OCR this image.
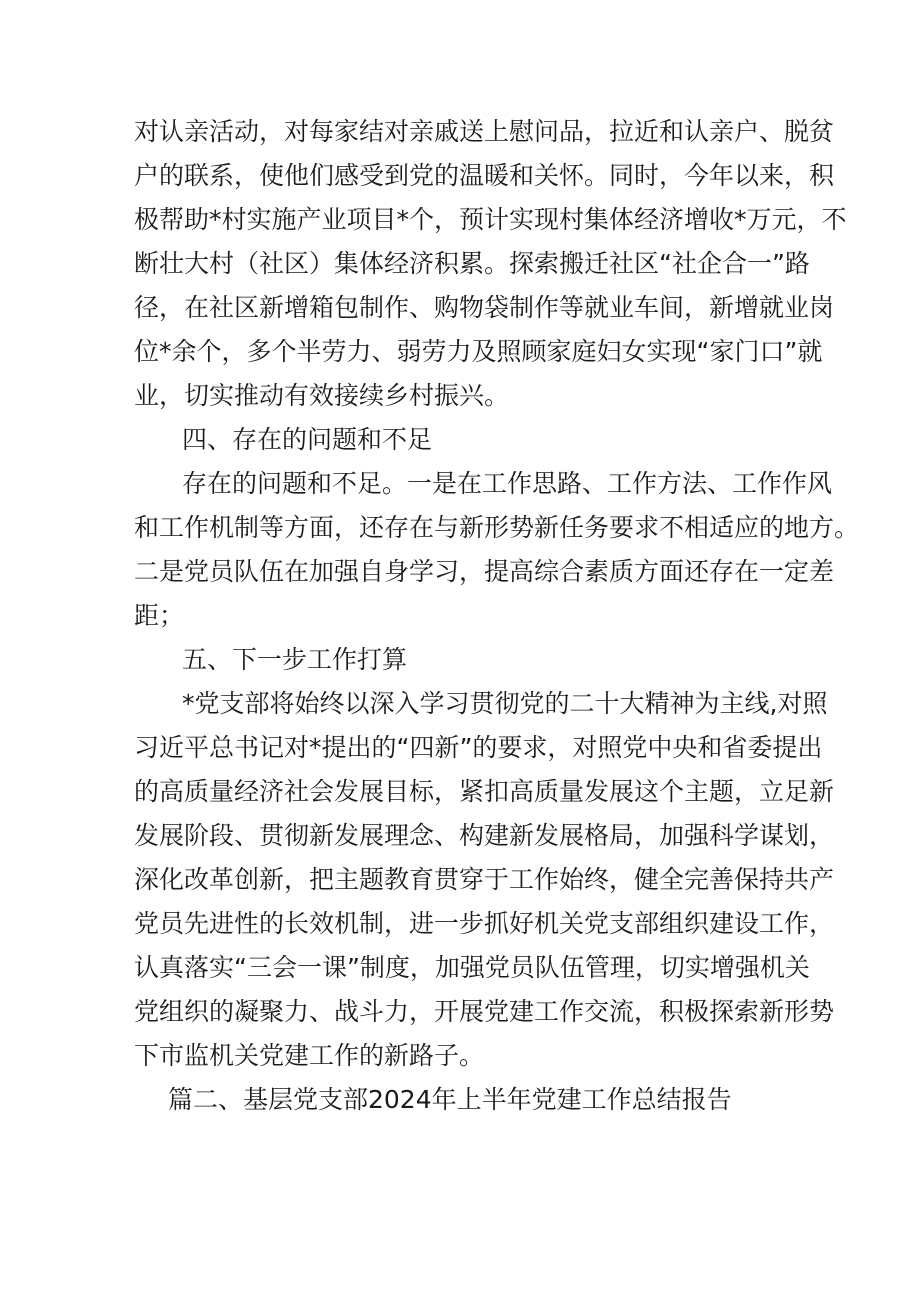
对认亲活动，对每家结对亲戚送上慰问品，拉近和认亲户、脱贫
户的联系，使他们感受到党的温暖和关怀。同时，今年以来，积
极帮助*村实施产业项目*个，预计实现村集体经济增收*万元，不
断壮大村（社区）集体经济积累。探索搬迁社区“社企合一”路
径，在社区新增箱包制作、购物袋制作等就业车间，新增就业岗
位*余个，多个半劳力、弱劳力及照顾家庭妇女实现“家门口”就
业，切实推动有效接续乡村振兴。
四、存在的问题和不足
存在的问题和不足。一是在工作思路、工作方法、工作作风
和工作机制等方面，还存在与新形势新任务要求不相适应的地方。
二是党员队伍在加强自身学习，提高综合素质方面还存在一定差
距；
五、下一步工作打算
*党支部将始终以深入学习贯彻党的二十大精神为主线,对照
习近平总书记对*提出的“四新”的要求，对照党中央和省委提出
的高质量经济社会发展目标，紧扣高质量发展这个主题，立足新
发展阶段、贯彻新发展理念、构建新发展格局，加强科学谋划，
深化改革创新，把主题教育贯穿于工作始终，健全完善保持共产
党员先进性的长效机制，进一步抓好机关党支部组织建设工作，
认真落实“三会一课”制度，加强党员队伍管理，切实增强机关
党组织的凝聚力、战斗力，开展党建工作交流，积极探索新形势
下市监机关党建工作的新路子。
篇二、基层党支部2024年上半年党建工作总结报告
